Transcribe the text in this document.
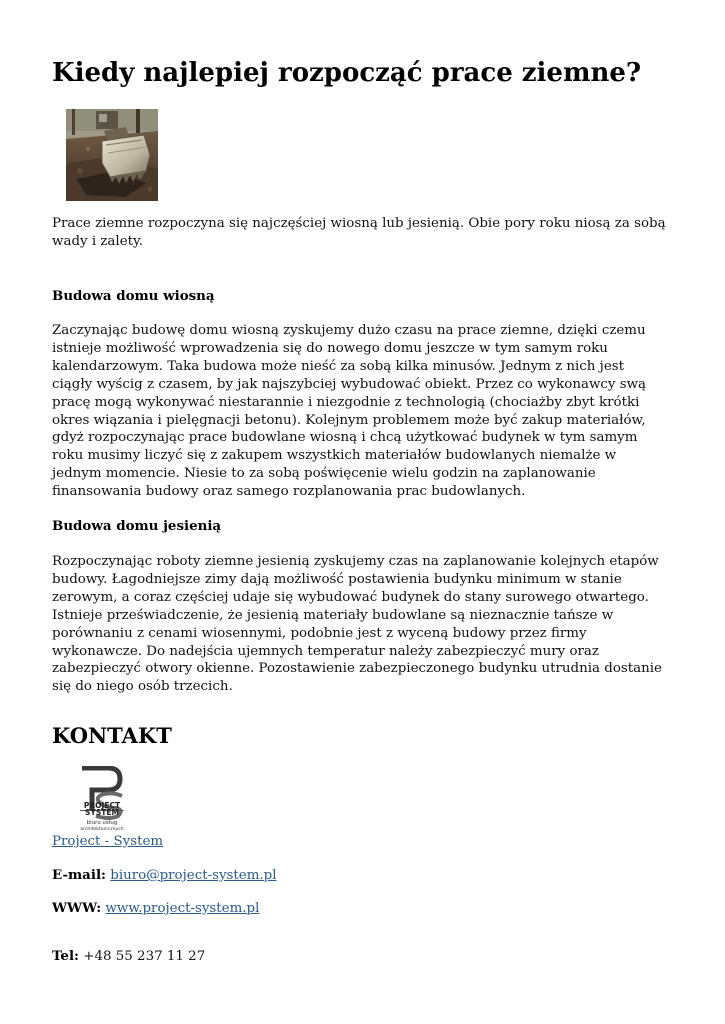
Kiedy najlepiej rozpocząć prace ziemne?

Prace ziemne rozpoczyna się najczęściej wiosną lub jesienią. Obie pory roku niosą za sobą wady i zalety.

Budowa domu wiosną

Zaczynając budowę domu wiosną zyskujemy dużo czasu na prace ziemne, dzięki czemu istnieje możliwość wprowadzenia się do nowego domu jeszcze w tym samym roku kalendarzowym. Taka budowa może nieść za sobą kilka minusów. Jednym z nich jest ciągły wyścig z czasem, by jak najszybciej wybudować obiekt. Przez co wykonawcy swą pracę mogą wykonywać niestarannie i niezgodnie z technologią (chociażby zbyt krótki okres wiązania i pielęgnacji betonu). Kolejnym problemem może być zakup materiałów, gdyż rozpoczynając prace budowlane wiosną i chcą użytkować budynek w tym samym roku musimy liczyć się z zakupem wszystkich materiałów budowlanych niemalże w jednym momencie. Niesie to za sobą poświęcenie wielu godzin na zaplanowanie finansowania budowy oraz samego rozplanowania prac budowlanych.

Budowa domu jesienią

Rozpoczynając roboty ziemne jesienią zyskujemy czas na zaplanowanie kolejnych etapów budowy. Łagodniejsze zimy dają możliwość postawienia budynku minimum w stanie zerowym, a coraz częściej udaje się wybudować budynek do stany surowego otwartego. Istnieje przeświadczenie, że jesienią materiały budowlane są nieznacznie tańsze w porównaniu z cenami wiosennymi, podobnie jest z wyceną budowy przez firmy wykonawcze. Do nadejścia ujemnych temperatur należy zabezpieczyć mury oraz zabezpieczyć otwory okienne. Pozostawienie zabezpieczonego budynku utrudnia dostanie się do niego osób trzecich.

KONTAKT
PROJECT
SYSTEM
biuro usług
architektonicznych

Project - System

E-mail: biuro@project-system.pl

WWW: www.project-system.pl

Tel: +48 55 237 11 27
